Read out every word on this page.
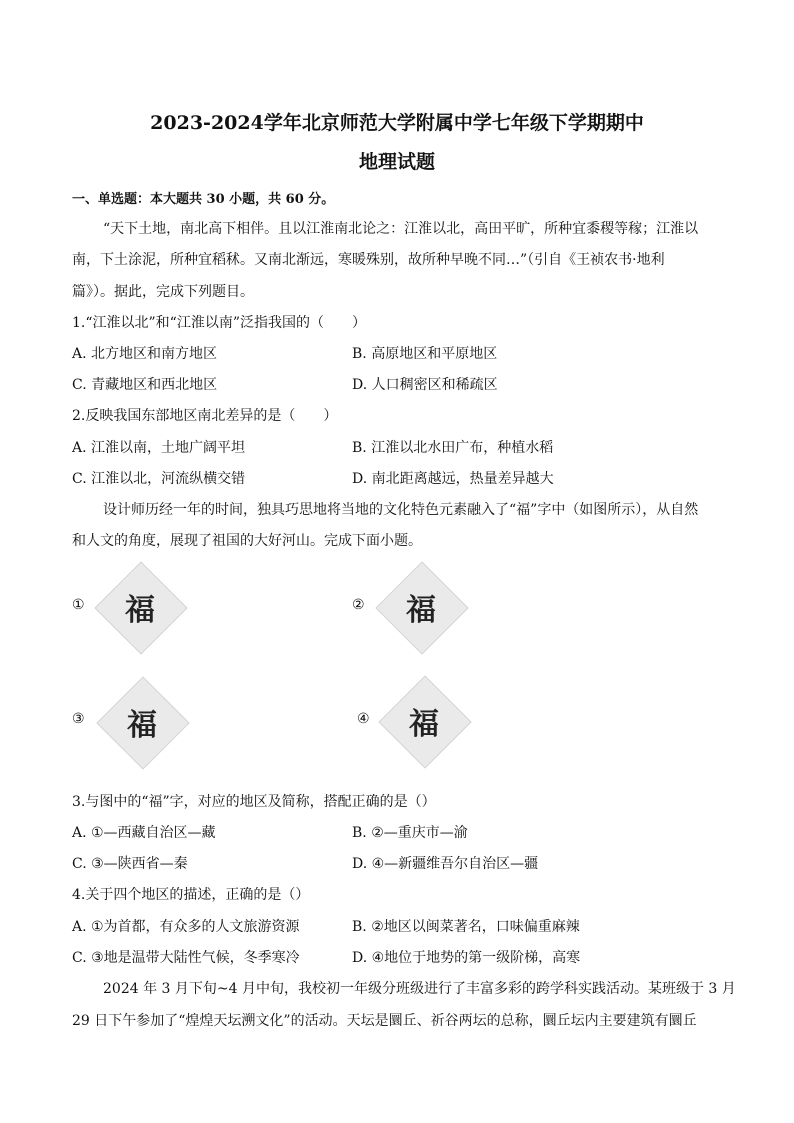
2023-2024学年北京师范大学附属中学七年级下学期期中
地理试题
一、单选题：本大题共 30 小题，共 60 分。
“天下土地，南北高下相伴。且以江淮南北论之：江淮以北，高田平旷，所种宜黍稷等稼；江淮以
南，下土涂泥，所种宜稻秫。又南北渐远，寒暖殊别，故所种早晚不同…”（引自《王祯农书·地利
篇》）。据此，完成下列题目。
1.“江淮以北”和“江淮以南”泛指我国的（　　）
A. 北方地区和南方地区	B. 高原地区和平原地区
C. 青藏地区和西北地区	D. 人口稠密区和稀疏区
2.反映我国东部地区南北差异的是（　　）
A. 江淮以南，土地广阔平坦	B. 江淮以北水田广布，种植水稻
C. 江淮以北，河流纵横交错	D. 南北距离越远，热量差异越大
设计师历经一年的时间，独具巧思地将当地的文化特色元素融入了“福”字中（如图所示），从自然
和人文的角度，展现了祖国的大好河山。完成下面小题。
①	福	②	福
③	福	④	福
3.与图中的“福”字，对应的地区及简称，搭配正确的是（）
A. ①—西藏自治区—藏	B. ②—重庆市—渝
C. ③—陕西省—秦	D. ④—新疆维吾尔自治区—疆
4.关于四个地区的描述，正确的是（）
A. ①为首都，有众多的人文旅游资源	B. ②地区以闽菜著名，口味偏重麻辣
C. ③地是温带大陆性气候，冬季寒冷	D. ④地位于地势的第一级阶梯，高寒
2024 年 3 月下旬~4 月中旬，我校初一年级分班级进行了丰富多彩的跨学科实践活动。某班级于 3 月
29 日下午参加了“煌煌天坛溯文化”的活动。天坛是圜丘、祈谷两坛的总称，圜丘坛内主要建筑有圜丘
